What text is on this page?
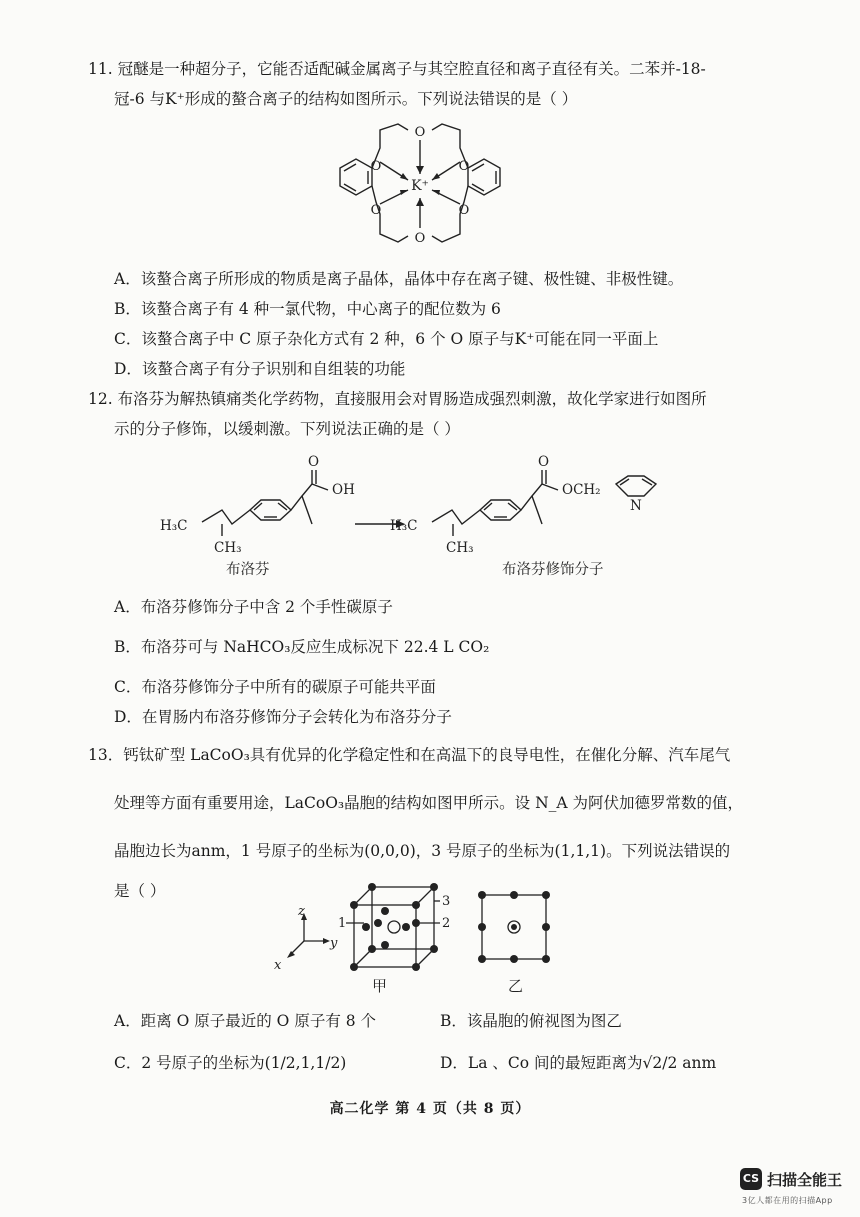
11. 冠醚是一种超分子，它能否适配碱金属离子与其空腔直径和离子直径有关。二苯并-18-
冠-6 与K⁺形成的螯合离子的结构如图所示。下列说法错误的是（ ）
O
O
O	O
O	O
K⁺
A．该螯合离子所形成的物质是离子晶体，晶体中存在离子键、极性键、非极性键。
B．该螯合离子有 4 种一氯代物，中心离子的配位数为 6
C．该螯合离子中 C 原子杂化方式有 2 种，6 个 O 原子与K⁺可能在同一平面上
D．该螯合离子有分子识别和自组装的功能
12. 布洛芬为解热镇痛类化学药物，直接服用会对胃肠造成强烈刺激，故化学家进行如图所
示的分子修饰，以缓刺激。下列说法正确的是（ ）
O
OH
H₃C
CH₃
布洛芬
O
OCH₂
N
H₃C
CH₃
布洛芬修饰分子
A．布洛芬修饰分子中含 2 个手性碳原子
B．布洛芬可与 NaHCO₃反应生成标况下 22.4 L CO₂
C．布洛芬修饰分子中所有的碳原子可能共平面
D．在胃肠内布洛芬修饰分子会转化为布洛芬分子
13．钙钛矿型 LaCoO₃具有优异的化学稳定性和在高温下的良导电性，在催化分解、汽车尾气
处理等方面有重要用途，LaCoO₃晶胞的结构如图甲所示。设 N_A 为阿伏加德罗常数的值，
晶胞边长为anm，1 号原子的坐标为(0,0,0)，3 号原子的坐标为(1,1,1)。下列说法错误的
是（ ）
z
y
x
1	2
3
甲	乙
A．距离 O 原子最近的 O 原子有 8 个	B．该晶胞的俯视图为图乙
C．2 号原子的坐标为(1/2,1,1/2)	D．La 、Co 间的最短距离为√2/2 anm
高二化学 第 4 页（共 8 页）
CS 扫描全能王
3亿人都在用的扫描App
